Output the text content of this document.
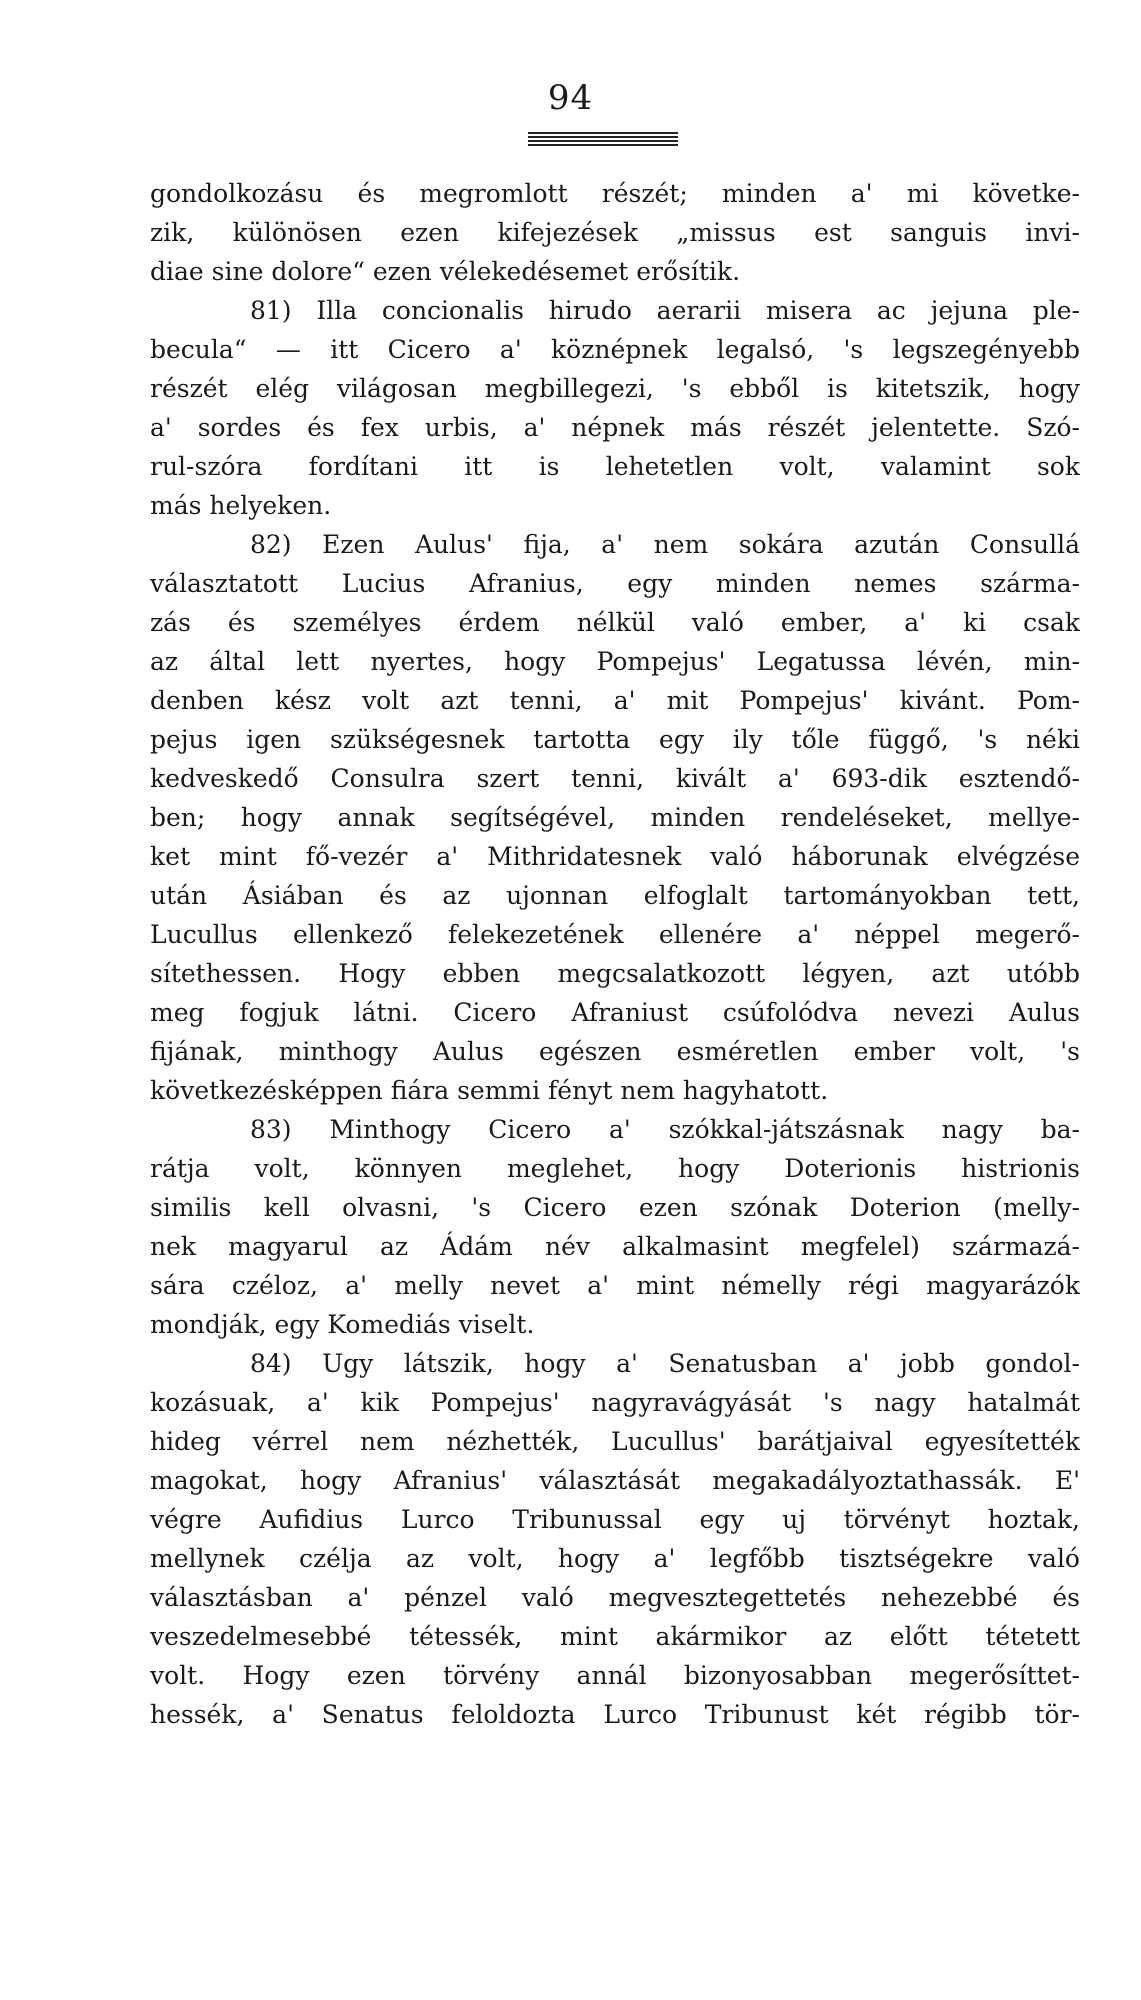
94
gondolkozásu és megromlott részét; minden a' mi követke-
zik, különösen ezen kifejezések „missus est sanguis invi-
diae sine dolore“ ezen vélekedésemet erősítik.
81) Illa concionalis hirudo aerarii misera ac jejuna ple-
becula“ — itt Cicero a' köznépnek legalsó, 's legszegényebb
részét elég világosan megbillegezi, 's ebből is kitetszik, hogy
a' sordes és fex urbis, a' népnek más részét jelentette. Szó-
rul-szóra fordítani itt is lehetetlen volt, valamint sok
más helyeken.
82) Ezen Aulus' fija, a' nem sokára azután Consullá
választatott Lucius Afranius, egy minden nemes szárma-
zás és személyes érdem nélkül való ember, a' ki csak
az által lett nyertes, hogy Pompejus' Legatussa lévén, min-
denben kész volt azt tenni, a' mit Pompejus' kivánt. Pom-
pejus igen szükségesnek tartotta egy ily tőle függő, 's néki
kedveskedő Consulra szert tenni, kivált a' 693-dik esztendő-
ben; hogy annak segítségével, minden rendeléseket, mellye-
ket mint fő-vezér a' Mithridatesnek való háborunak elvégzése
után Ásiában és az ujonnan elfoglalt tartományokban tett,
Lucullus ellenkező felekezetének ellenére a' néppel megerő-
sítethessen. Hogy ebben megcsalatkozott légyen, azt utóbb
meg fogjuk látni. Cicero Afraniust csúfolódva nevezi Aulus
fijának, minthogy Aulus egészen esméretlen ember volt, 's
következésképpen fiára semmi fényt nem hagyhatott.
83) Minthogy Cicero a' szókkal-játszásnak nagy ba-
rátja volt, könnyen meglehet, hogy Doterionis histrionis
similis kell olvasni, 's Cicero ezen szónak Doterion (melly-
nek magyarul az Ádám név alkalmasint megfelel) származá-
sára czéloz, a' melly nevet a' mint némelly régi magyarázók
mondják, egy Komediás viselt.
84) Ugy látszik, hogy a' Senatusban a' jobb gondol-
kozásuak, a' kik Pompejus' nagyravágyását 's nagy hatalmát
hideg vérrel nem nézhették, Lucullus' barátjaival egyesítették
magokat, hogy Afranius' választását megakadályoztathassák. E'
végre Aufidius Lurco Tribunussal egy uj törvényt hoztak,
mellynek czélja az volt, hogy a' legfőbb tisztségekre való
választásban a' pénzel való megvesztegettetés nehezebbé és
veszedelmesebbé tétessék, mint akármikor az előtt tétetett
volt. Hogy ezen törvény annál bizonyosabban megerősíttet-
hessék, a' Senatus feloldozta Lurco Tribunust két régibb tör-
